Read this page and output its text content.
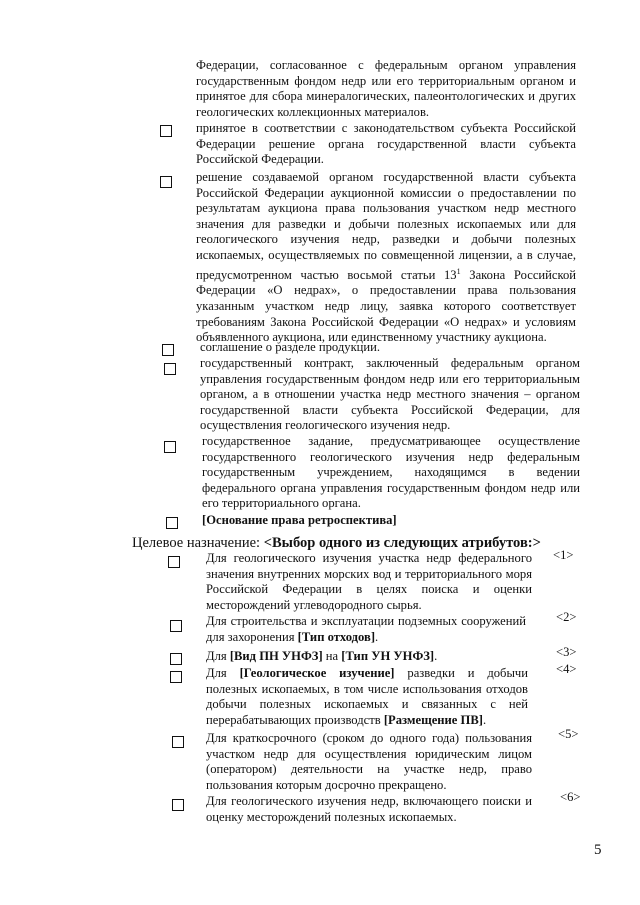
Федерации, согласованное с федеральным органом управления государственным фондом недр или его территориальным органом и принятое для сбора минералогических, палеонтологических и других геологических коллекционных материалов.
принятое в соответствии с законодательством субъекта Российской Федерации решение органа государственной власти субъекта Российской Федерации.
решение создаваемой органом государственной власти субъекта Российской Федерации аукционной комиссии о предоставлении по результатам аукциона права пользования участком недр местного значения для разведки и добычи полезных ископаемых или для геологического изучения недр, разведки и добычи полезных ископаемых, осуществляемых по совмещенной лицензии, а в случае, предусмотренном частью восьмой статьи $13^1$ Закона Российской Федерации «О недрах», о предоставлении права пользования указанным участком недр лицу, заявка которого соответствует требованиям Закона Российской Федерации «О недрах» и условиям объявленного аукциона, или единственному участнику аукциона.
соглашение о разделе продукции.
государственный контракт, заключенный федеральным органом управления государственным фондом недр или его территориальным органом, а в отношении участка недр местного значения – органом государственной власти субъекта Российской Федерации, для осуществления геологического изучения недр.
государственное задание, предусматривающее осуществление государственного геологического изучения недр федеральным государственным учреждением, находящимся в ведении федерального органа управления государственным фондом недр или его территориального органа.
[Основание права ретроспектива]
Целевое назначение: <Выбор одного из следующих атрибутов:>
Для геологического изучения участка недр федерального значения внутренних морских вод и территориального моря Российской Федерации в целях поиска и оценки месторождений углеводородного сырья.
<1>
Для строительства и эксплуатации подземных сооружений для захоронения [Тип отходов].
<2>
Для [Вид ПН УНФЗ] на [Тип УН УНФЗ].	<3>
Для [Геологическое изучение] разведки и добычи полезных ископаемых, в том числе использования отходов добычи полезных ископаемых и связанных с ней перерабатывающих производств [Размещение ПВ].
<4>
Для краткосрочного (сроком до одного года) пользования участком недр для осуществления юридическим лицом (оператором) деятельности на участке недр, право пользования которым досрочно прекращено.
<5>
Для геологического изучения недр, включающего поиски и оценку месторождений полезных ископаемых.
<6>
5
